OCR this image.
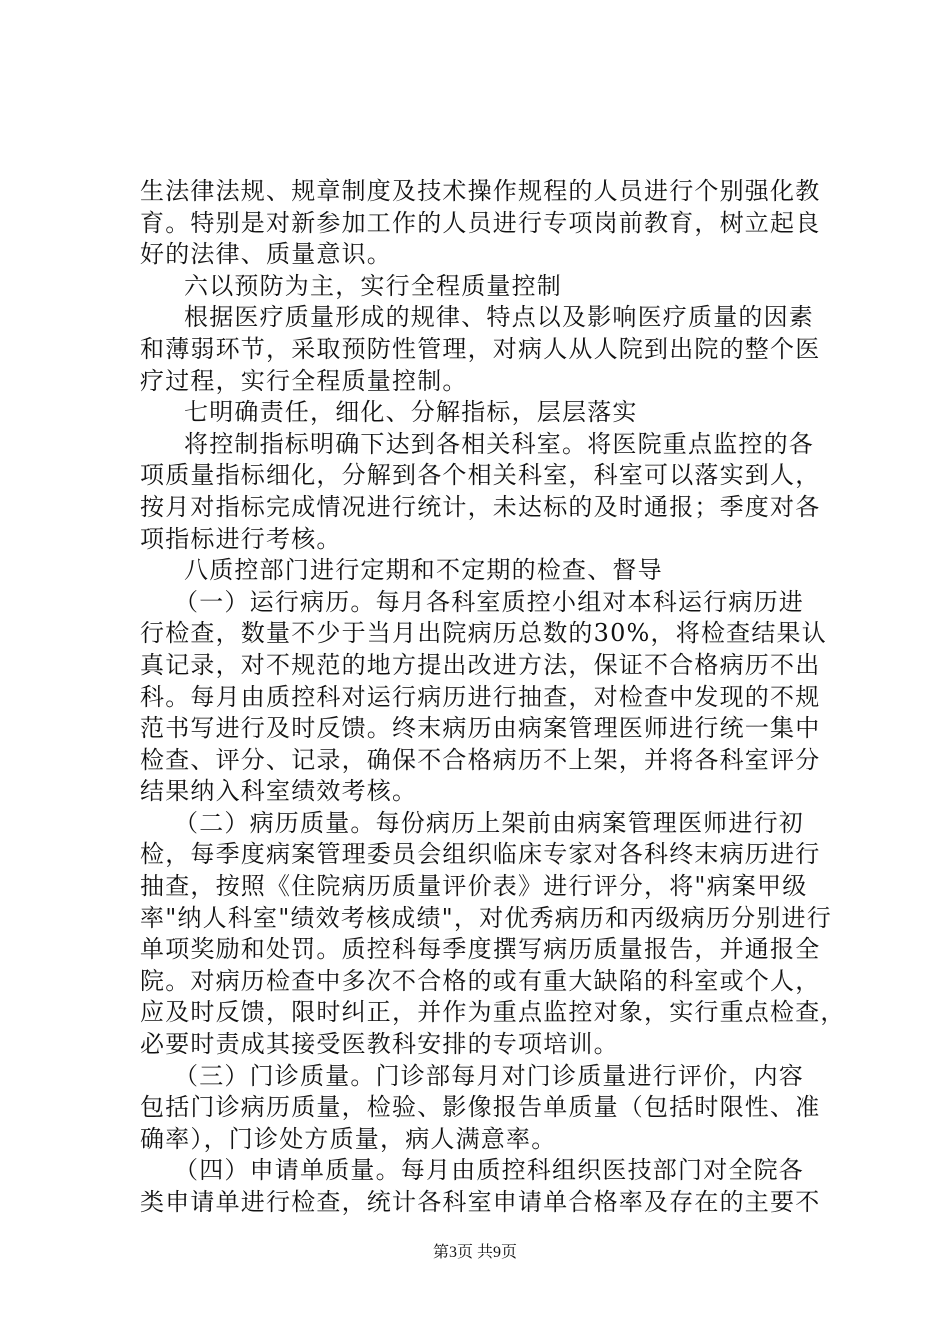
生法律法规、规章制度及技术操作规程的人员进行个别强化教
育。特别是对新参加工作的人员进行专项岗前教育，树立起良
好的法律、质量意识。
六以预防为主，实行全程质量控制
根据医疗质量形成的规律、特点以及影响医疗质量的因素
和薄弱环节，采取预防性管理，对病人从人院到出院的整个医
疗过程，实行全程质量控制。
七明确责任，细化、分解指标，层层落实
将控制指标明确下达到各相关科室。将医院重点监控的各
项质量指标细化，分解到各个相关科室，科室可以落实到人，
按月对指标完成情况进行统计，未达标的及时通报；季度对各
项指标进行考核。
八质控部门进行定期和不定期的检查、督导
（一）运行病历。每月各科室质控小组对本科运行病历进
行检查，数量不少于当月出院病历总数的30%，将检查结果认
真记录，对不规范的地方提出改进方法，保证不合格病历不出
科。每月由质控科对运行病历进行抽查，对检查中发现的不规
范书写进行及时反馈。终末病历由病案管理医师进行统一集中
检查、评分、记录，确保不合格病历不上架，并将各科室评分
结果纳入科室绩效考核。
（二）病历质量。每份病历上架前由病案管理医师进行初
检，每季度病案管理委员会组织临床专家对各科终末病历进行
抽查，按照《住院病历质量评价表》进行评分，将"病案甲级
率"纳人科室"绩效考核成绩"，对优秀病历和丙级病历分别进行
单项奖励和处罚。质控科每季度撰写病历质量报告，并通报全
院。对病历检查中多次不合格的或有重大缺陷的科室或个人，
应及时反馈，限时纠正，并作为重点监控对象，实行重点检查，
必要时责成其接受医教科安排的专项培训。
（三）门诊质量。门诊部每月对门诊质量进行评价，内容
包括门诊病历质量，检验、影像报告单质量（包括时限性、准
确率），门诊处方质量，病人满意率。
（四）申请单质量。每月由质控科组织医技部门对全院各
类申请单进行检查，统计各科室申请单合格率及存在的主要不
第3页 共9页
